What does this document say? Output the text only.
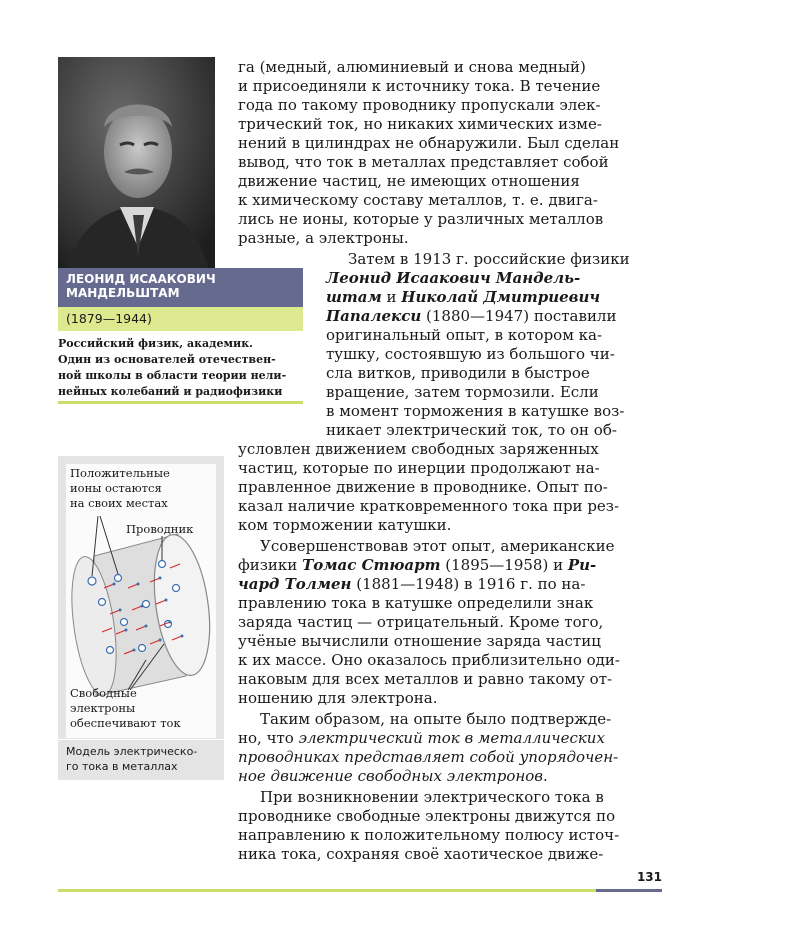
ЛЕОНИД ИСААКОВИЧ
МАНДЕЛЬШТАМ
(1879—1944)
Российский физик, академик.
Один из основателей отечествен-
ной школы в области теории нели-
нейных колебаний и радиофизики
Положительные
ионы остаются
на своих местах
Проводник
Свободные
электроны
обеспечивают ток
Модель электрическо-
го тока в металлах
га (медный, алюминиевый и снова медный)
и присоединяли к источнику тока. В течение
года по такому проводнику пропускали элек-
трический ток, но никаких химических изме-
нений в цилиндрах не обнаружили. Был сделан
вывод, что ток в металлах представляет собой
движение частиц, не имеющих отношения
к химическому составу металлов, т. е. двига-
лись не ионы, которые у различных металлов
разные, а электроны.
Затем в 1913 г. российские физики
Леонид Исаакович Мандель-
штам и Николай Дмитриевич
Папалекси (1880—1947) поставили
оригинальный опыт, в котором ка-
тушку, состоявшую из большого чи-
сла витков, приводили в быстрое
вращение, затем тормозили. Если
в момент торможения в катушке воз-
никает электрический ток, то он об-
условлен движением свободных заряженных
частиц, которые по инерции продолжают на-
правленное движение в проводнике. Опыт по-
казал наличие кратковременного тока при рез-
ком торможении катушки.
Усовершенствовав этот опыт, американские
физики Томас Стюарт (1895—1958) и Ри-
чард Толмен (1881—1948) в 1916 г. по на-
правлению тока в катушке определили знак
заряда частиц — отрицательный. Кроме того,
учёные вычислили отношение заряда частиц
к их массе. Оно оказалось приблизительно оди-
наковым для всех металлов и равно такому от-
ношению для электрона.
Таким образом, на опыте было подтвержде-
но, что электрический ток в металлических
проводниках представляет собой упорядочен-
ное движение свободных электронов.
При возникновении электрического тока в
проводнике свободные электроны движутся по
направлению к положительному полюсу источ-
ника тока, сохраняя своё хаотическое движе-
131
